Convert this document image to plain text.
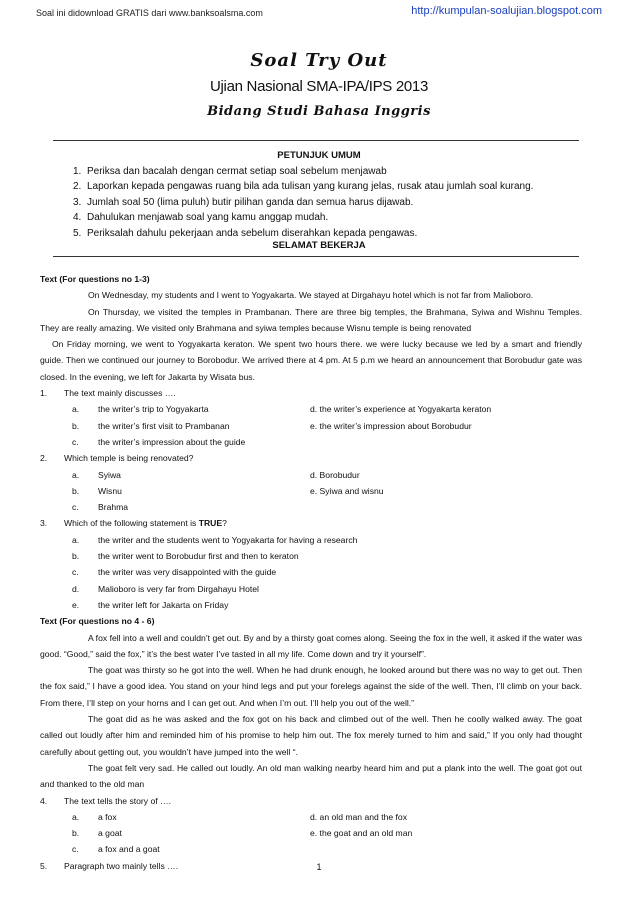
Soal ini didownload GRATIS dari www.banksoalsma.com	http://kumpulan-soalujian.blogspot.com
Soal Try Out
Ujian Nasional SMA-IPA/IPS 2013
Bidang Studi Bahasa Inggris
PETUNJUK UMUM
1. Periksa dan bacalah dengan cermat setiap soal sebelum menjawab
2. Laporkan kepada pengawas ruang bila ada tulisan yang kurang jelas, rusak atau jumlah soal kurang.
3. Jumlah soal 50 (lima puluh) butir pilihan ganda dan semua harus dijawab.
4. Dahulukan menjawab soal yang kamu anggap mudah.
5. Periksalah dahulu pekerjaan anda sebelum diserahkan kepada pengawas.
SELAMAT BEKERJA

Text (For questions no 1-3)

On Wednesday, my students and I went to Yogyakarta. We stayed at Dirgahayu hotel which is not far from Malioboro.

On Thursday, we visited the temples in Prambanan. There are three big temples, the Brahmana, Syiwa and Wishnu Temples. They are really amazing. We visited only Brahmana and syiwa temples because Wisnu temple is being renovated

On Friday morning, we went to Yogyakarta keraton. We spent two hours there. we were lucky because we led by a smart and friendly guide. Then we continued our journey to Borobodur. We arrived there at 4 pm. At 5 p.m we heard an announcement that Borobudur gate was closed. In the evening, we left for Jakarta by Wisata bus.

1. The text mainly discusses ….
a. the writer’s trip to Yogyakarta	d. the writer’s experience at Yogyakarta keraton
b. the writer’s first visit to Prambanan	e. the writer’s impression about Borobudur
c. the writer’s impression about the guide
2. Which temple is being renovated?
a. Syiwa	d. Borobudur
b. Wisnu	e. Syiwa and wisnu
c. Brahma
3. Which of the following statement is TRUE?
a. the writer and the students went to Yogyakarta for having a research
b. the writer went to Borobudur first and then to keraton
c. the writer was very disappointed with the guide
d. Malioboro is very far from Dirgahayu Hotel
e. the writer left for Jakarta on Friday

Text (For questions no 4 - 6)

A fox fell into a well and couldn’t get out. By and by a thirsty goat comes along. Seeing the fox in the well, it asked if the water was good. “Good,” said the fox,” it’s the best water I’ve tasted in all my life. Come down and try it yourself”.

The goat was thirsty so he got into the well. When he had drunk enough, he looked around but there was no way to get out. Then the fox said,” I have a good idea. You stand on your hind legs and put your forelegs against the side of the well. Then, I’ll climb on your back. From there, I’ll step on your horns and I can get out. And when I’m out. I’ll help you out of the well.”

The goat did as he was asked and the fox got on his back and climbed out of the well. Then he coolly walked away. The goat called out loudly after him and reminded him of his promise to help him out. The fox merely turned to him and said,” If you only had thought carefully about getting out, you wouldn’t have jumped into the well “.

The goat felt very sad. He called out loudly. An old man walking nearby heard him and put a plank into the well. The goat got out and thanked to the old man

4. The text tells the story of ….
a. a fox	d. an old man and the fox
b. a goat	e. the goat and an old man
c. a fox and a goat
5. Paragraph two mainly tells ….	1
